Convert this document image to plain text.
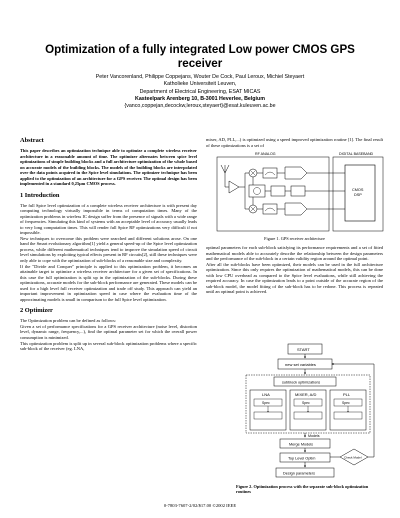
Optimization of a fully integrated Low power CMOS GPS
receiver
Peter Vancorenland, Philippe Coppejans, Wouter De Cock, Paul Leroux, Michiel Steyaert
Katholieke Universiteit Leuven,
Department of Electrical Engineering, ESAT MICAS
Kasteelpark Arenberg 10, B-3001 Heverlee, Belgium
{vanco,coppejan,decockw,leroux,steyaert}@esat.kuleuven.ac.be
Abstract

This paper describes an optimization technique able to optimize a complete wireless receiver architecture in a reasonable amount of time. The optimizer alternates between spice level optimizations of simple building blocks and a full architecture optimization of the whole based on accurate models of the building blocks. The models of the building blocks are interpolated over the data points acquired in the Spice level simulations. The optimizer technique has been applied to the optimization of an architecture for a GPS receiver. The optimal design has been implemented in a standard 0,25µm CMOS process.

1 Introduction

The full Spice level optimization of a complete wireless receiver architecture is with present day computing technology virtually impossible in terms of computation times. Many of the optimization problems in wireless IC design suffer from the presence of signals with a wide range of frequencies. Simulating this kind of systems with an acceptable level of accuracy usually leads to very long computation times. This will render full Spice RF optimizations very difficult if not impossible.

New techniques to overcome this problem were searched and different solutions arose. On one hand the Smart evolutionary algorithm[1] yield a general speed-up of the Spice level optimization process, while different mathematical techniques tend to improve the simulation speed of circuit level simulations by exploiting typical effects present in RF circuits[2], still these techniques were only able to cope with the optimization of sub-blocks of a reasonable size and complexity.

If the "Divide and Conquer" principle is applied to this optimization problem, it becomes an attainable target to optimize a wireless receiver architecture for a given set of specifications. In this case the full optimization is split up in the optimization of the sub-blocks. During these optimizations, accurate models for the sub-block performance are generated. These models can be used for a high level full receiver optimization and trade off study. This approach can yield an important improvement in optimization speed in case where the evaluation time of the approximating models is small in comparison to the full Spice level optimization.

2 Optimizer

The Optimization problem can be defined as follows:

Given a set of performance specifications for a GPS receiver architecture (noise level, distortion level, dynamic range, frequency,...), find the optimal parameter set for which the overall power consumption is minimized.

This optimization problem is split up in several sub-block optimization problems where a specific sub-block of the receiver (eg. LNA,

mixer, AD, PLL,...) is optimized using a speed improved optimization routine [1]. The final result of these optimizations is a set of

RF ANALOG	DIGITAL BASEBAND
CMOS
DSP
Figure 1. GPS receiver architecture

optimal parameters for each sub-block satisfying its performance requirements and a set of fitted mathematical models able to accurately describe the relationship between the design parameters and the performance of the sub-block in a certain validity region around the optimal point.

After all the sub-blocks have been optimized, their models can be used in the full architecture optimization. Since this only requires the optimization of mathematical models, this can be done with low CPU overhead as compared to the Spice level evaluations, while still achieving the required accuracy. In case the optimization leads to a point outside of the accurate region of the sub-block model, the model fitting of the sub-block has to be redone. This process is repeated until an optimal point is achieved.

START
new set variables
subblock optimizations
LNA
Spec
MIXER, A/D
Spec
PLL
Spec
Models
Merge Models
Top Level Optim	Check Model
Design parameters
Figure 2. Optimization process with the separate sub-block optimization routines
0-7803-7607-2/02/$17.00 ©2002 IEEE
